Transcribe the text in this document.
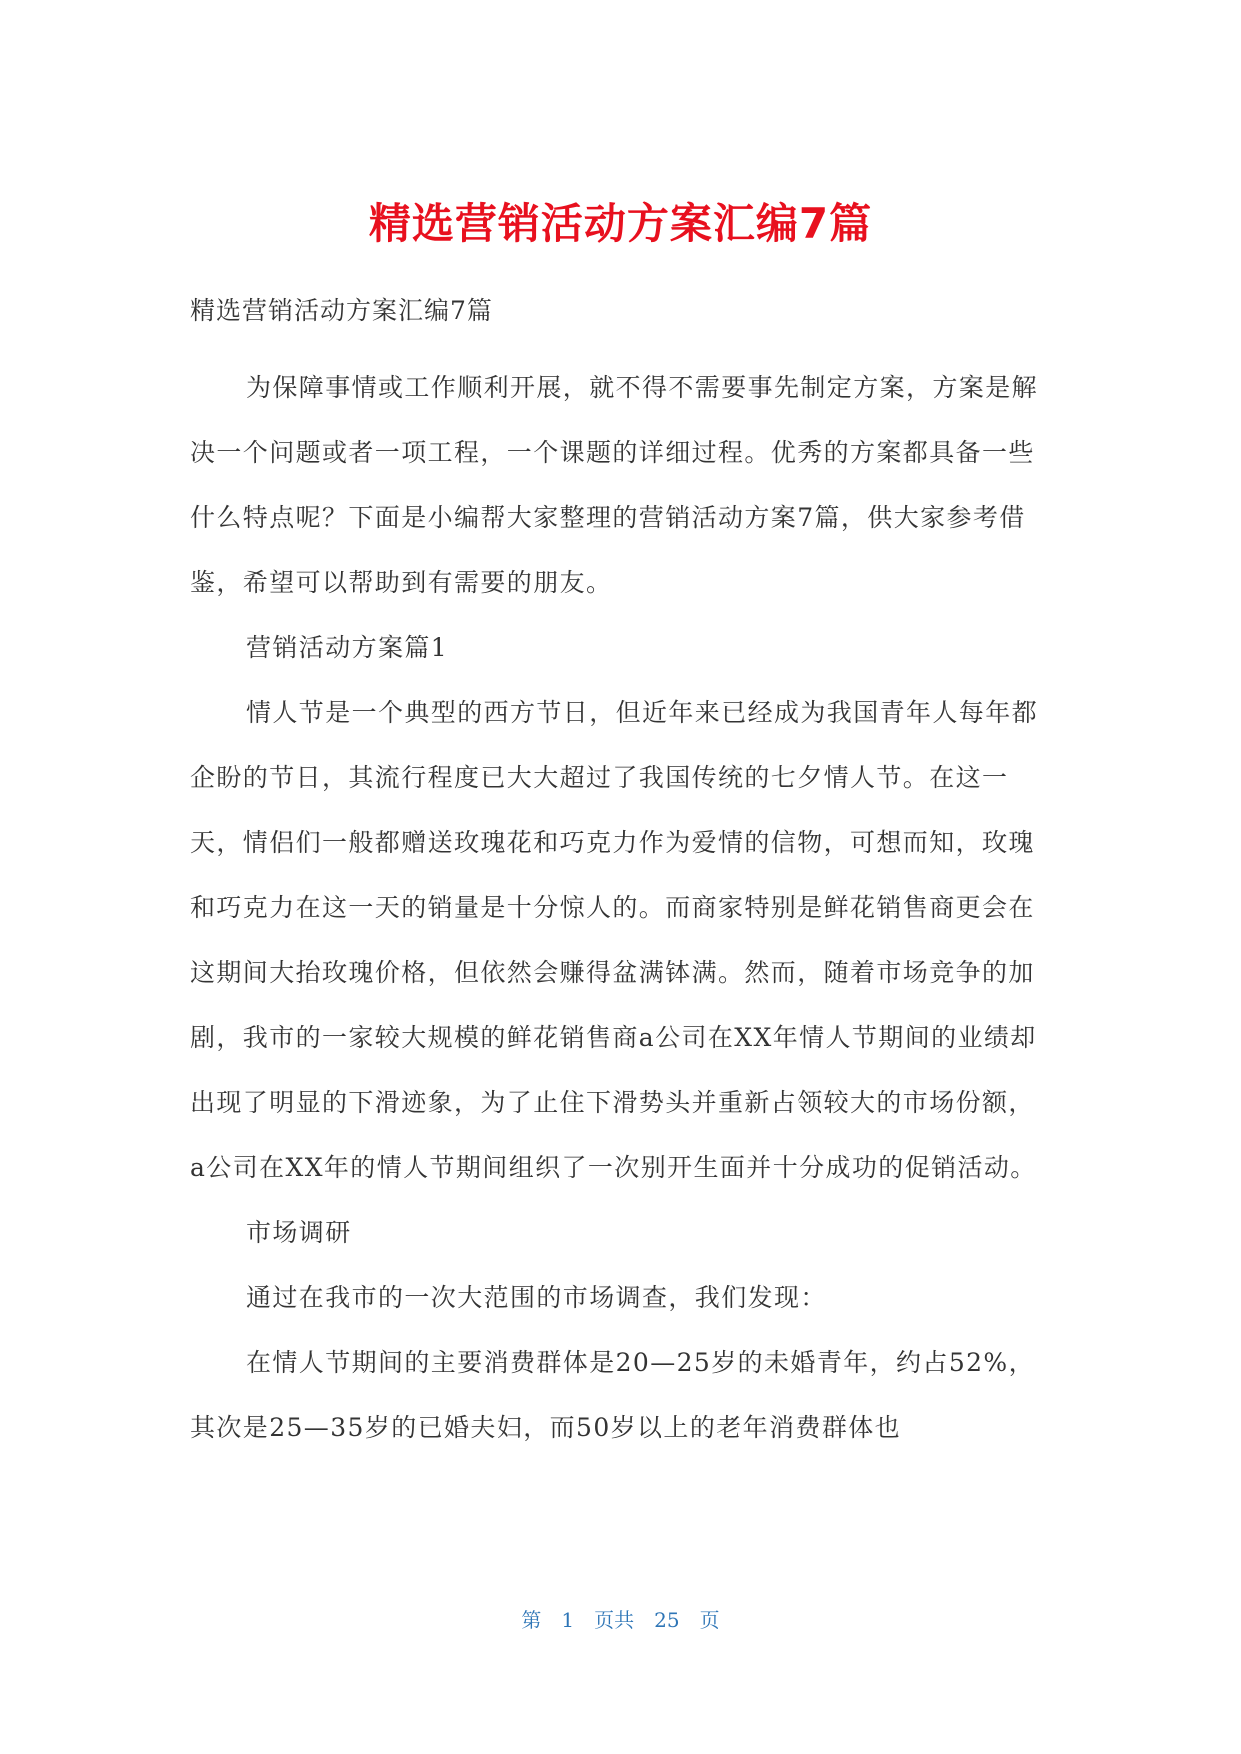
精选营销活动方案汇编7篇
精选营销活动方案汇编7篇

为保障事情或工作顺利开展，就不得不需要事先制定方案，方案是解决一个问题或者一项工程，一个课题的详细过程。优秀的方案都具备一些什么特点呢？下面是小编帮大家整理的营销活动方案7篇，供大家参考借鉴，希望可以帮助到有需要的朋友。

营销活动方案篇1

情人节是一个典型的西方节日，但近年来已经成为我国青年人每年都企盼的节日，其流行程度已大大超过了我国传统的七夕情人节。在这一天，情侣们一般都赠送玫瑰花和巧克力作为爱情的信物，可想而知，玫瑰和巧克力在这一天的销量是十分惊人的。而商家特别是鲜花销售商更会在这期间大抬玫瑰价格，但依然会赚得盆满钵满。然而，随着市场竞争的加剧，我市的一家较大规模的鲜花销售商a公司在XX年情人节期间的业绩却出现了明显的下滑迹象，为了止住下滑势头并重新占领较大的市场份额，a公司在XX年的情人节期间组织了一次别开生面并十分成功的促销活动。

市场调研

通过在我市的一次大范围的市场调查，我们发现：

在情人节期间的主要消费群体是20—25岁的未婚青年，约占52%，其次是25—35岁的已婚夫妇，而50岁以上的老年消费群体也

第 1 页共 25 页
